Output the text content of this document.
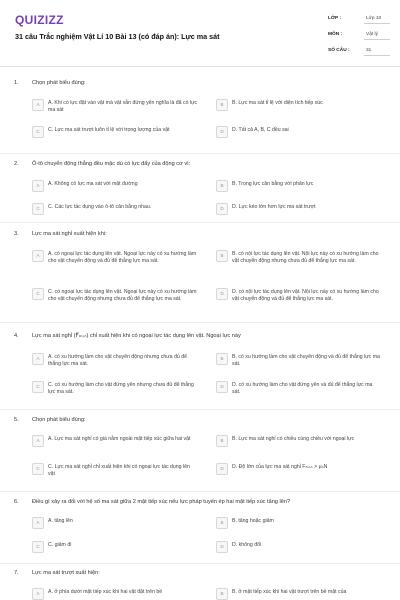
QUIZIZZ
31 câu Trắc nghiệm Vật Lí 10 Bài 13 (có đáp án): Lực ma sát
LỚP :	Lớp 10
MÔN :	Vật lý
SỐ CÂU :	31
1. Chọn phát biểu đúng:
A	A. Khi có lực đặt vào vật mà vật vẫn đứng yên nghĩa là đã có lực ma sát
B	B. Lực ma sát tỉ lệ với diện tích tiếp xúc
C	C. Lực ma sát trượt luôn tỉ lệ với trọng lượng của vật	D	D. Tất cả A, B, C đều sai
2. Ô-tô chuyển động thẳng đều mặc dù có lực đẩy của động cơ vì:
A	A. Không có lực ma sát với mặt đường	B	B. Trọng lực cân bằng với phản lực
C	C. Các lực tác dụng vào ô-tô cân bằng nhau.	D	D. Lực kéo lớn hơn lực ma sát trượt
3. Lực ma sát nghỉ xuất hiện khi:
A	A. có ngoại lực tác dụng lên vật. Ngoại lực này có xu hướng làm cho vật chuyển động và đủ để thắng lực ma sát.
B	B. có nội lực tác dụng lên vật. Nội lực này có xu hướng làm cho vật chuyển động nhưng chưa đủ để thắng lực ma sát.
C	C. có ngoại lực tác dụng lên vật. Ngoại lực này có xu hướng làm cho vật chuyển động nhưng chưa đủ để thắng lực ma sát.
D	D. có nội lực tác dụng lên vật. Nội lực này có xu hướng làm cho vật chuyển động và đủ để thắng lực ma sát.
4. Lực ma sát nghỉ (F⃗ₘₛₙ) chỉ xuất hiện khi có ngoại lực tác dụng lên vật. Ngoại lực này
A	A. có xu hướng làm cho vật chuyển động nhưng chưa đủ để thắng lực ma sát.
B	B. có xu hướng làm cho vật chuyển động và đủ để thắng lực ma sát.
C	C. có xu hướng làm cho vật đứng yên nhưng chưa đủ để thắng lực ma sát.
D	D. có xu hướng làm cho vật đứng yên và đủ để thắng lực ma sát.
5. Chọn phát biểu đúng:
A	A. Lực ma sát nghỉ có giá nằm ngoài mặt tiếp xúc giữa hai vật	B	B. Lực ma sát nghỉ có chiều cùng chiều với ngoại lực
C	C. Lực ma sát nghỉ chỉ xuất hiện khi có ngoại lực tác dụng lên vật
D	D. Độ lớn của lực ma sát nghỉ Fₘₛₙ > μₙN
6. Điều gì xảy ra đối với hệ số ma sát giữa 2 mặt tiếp xúc nếu lực pháp tuyến ép hai mặt tiếp xúc tăng lên?
A	A. tăng lên	B	B. tăng hoặc giảm
C	C. giảm đi	D	D. không đổi
7. Lực ma sát trượt xuất hiện:
A	A. ở phía dưới mặt tiếp xúc khi hai vật đặt trên bề	B	B. ở mặt tiếp xúc khi hai vật trượt trên bề mặt của
